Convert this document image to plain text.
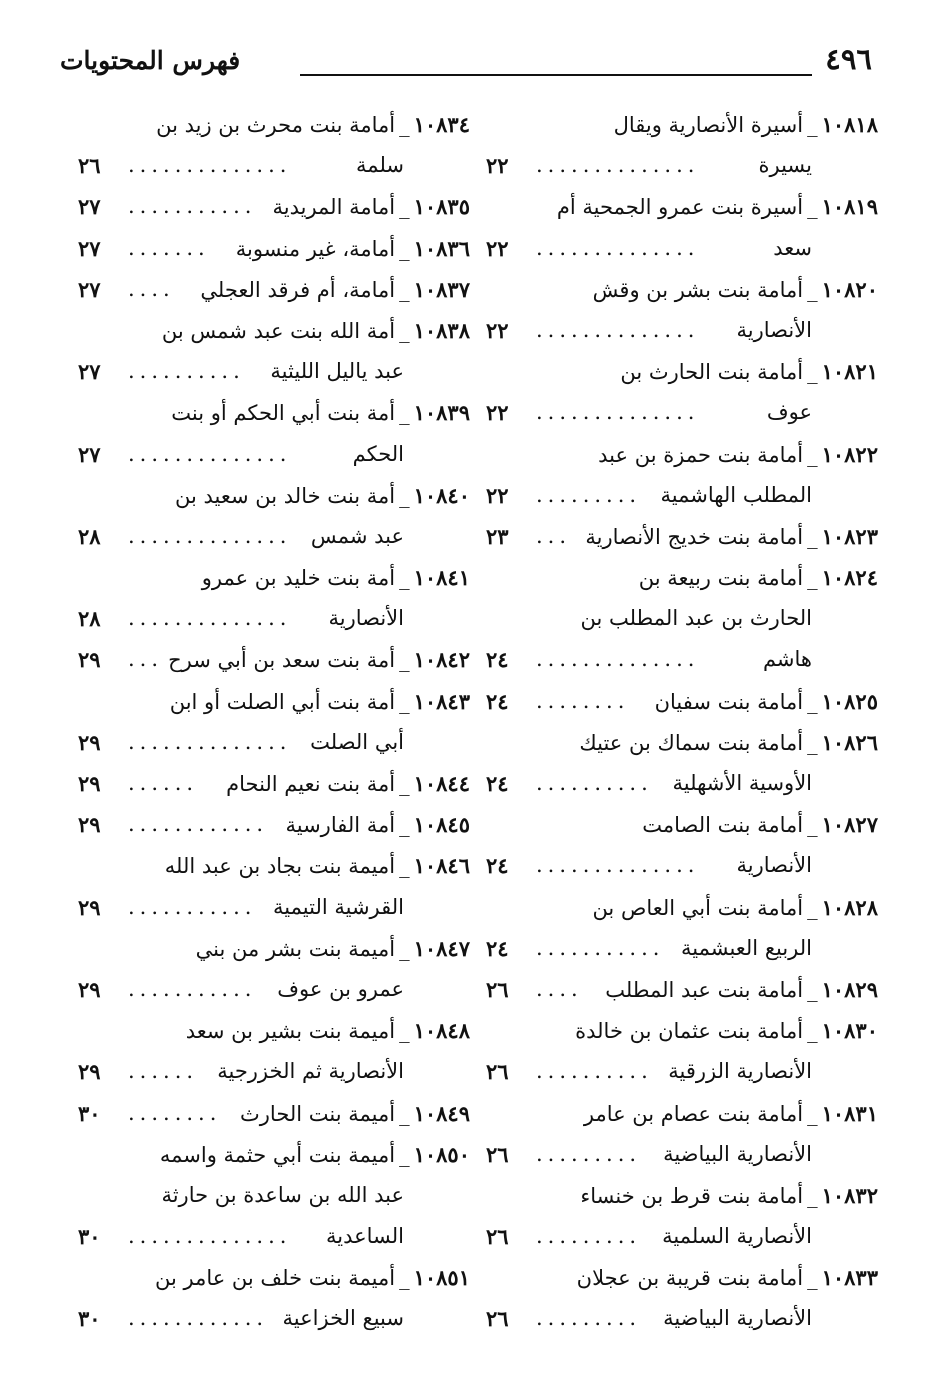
٤٩٦
فهرس المحتويات
١٠٨١٨_أسيرة الأنصارية ويقال
يسيرة
..............
٢٢
١٠٨١٩_أسيرة بنت عمرو الجمحية أم
سعد
..............
٢٢
١٠٨٢٠_أمامة بنت بشر بن وقش
الأنصارية
..............
٢٢
١٠٨٢١_أمامة بنت الحارث بن
عوف
..............
٢٢
١٠٨٢٢_أمامة بنت حمزة بن عبد
المطلب الهاشمية
.........
٢٢
١٠٨٢٣_أمامة بنت خديج الأنصارية
...
٢٣
١٠٨٢٤_أمامة بنت ربيعة بن
الحارث بن عبد المطلب بن
هاشم
..............
٢٤
١٠٨٢٥_أمامة بنت سفيان
........
٢٤
١٠٨٢٦_أمامة بنت سماك بن عتيك
الأوسية الأشهلية
..........
٢٤
١٠٨٢٧_أمامة بنت الصامت
الأنصارية
..............
٢٤
١٠٨٢٨_أمامة بنت أبي العاص بن
الربيع العبشمية
...........
٢٤
١٠٨٢٩_أمامة بنت عبد المطلب
....
٢٦
١٠٨٣٠_أمامة بنت عثمان بن خالدة
الأنصارية الزرقية
..........
٢٦
١٠٨٣١_أمامة بنت عصام بن عامر
الأنصارية البياضية
.........
٢٦
١٠٨٣٢_أمامة بنت قرط بن خنساء
الأنصارية السلمية
.........
٢٦
١٠٨٣٣_أمامة بنت قريبة بن عجلان
الأنصارية البياضية
.........
٢٦
١٠٨٣٤_أمامة بنت محرث بن زيد بن
سلمة
..............
٢٦
١٠٨٣٥_أمامة المريدية
...........
٢٧
١٠٨٣٦_أمامة، غير منسوبة
.......
٢٧
١٠٨٣٧_أمامة، أم فرقد العجلي
....
٢٧
١٠٨٣٨_أمة الله بنت عبد شمس بن
عبد ياليل الليثية
..........
٢٧
١٠٨٣٩_أمة بنت أبي الحكم أو بنت
الحكم
..............
٢٧
١٠٨٤٠_أمة بنت خالد بن سعيد بن
عبد شمس
..............
٢٨
١٠٨٤١_أمة بنت خليد بن عمرو
الأنصارية
..............
٢٨
١٠٨٤٢_أمة بنت سعد بن أبي سرح
...
٢٩
١٠٨٤٣_أمة بنت أبي الصلت أو ابن
أبي الصلت
..............
٢٩
١٠٨٤٤_أمة بنت نعيم النحام
......
٢٩
١٠٨٤٥_أمة الفارسية
............
٢٩
١٠٨٤٦_أميمة بنت بجاد بن عبد الله
القرشية التيمية
...........
٢٩
١٠٨٤٧_أميمة بنت بشر من بني
عمرو بن عوف
...........
٢٩
١٠٨٤٨_أميمة بنت بشير بن سعد
الأنصارية ثم الخزرجية
......
٢٩
١٠٨٤٩_أميمة بنت الحارث
........
٣٠
١٠٨٥٠_أميمة بنت أبي حثمة واسمه
عبد الله بن ساعدة بن حارثة
الساعدية
..............
٣٠
١٠٨٥١_أميمة بنت خلف بن عامر بن
سبيع الخزاعية
............
٣٠
